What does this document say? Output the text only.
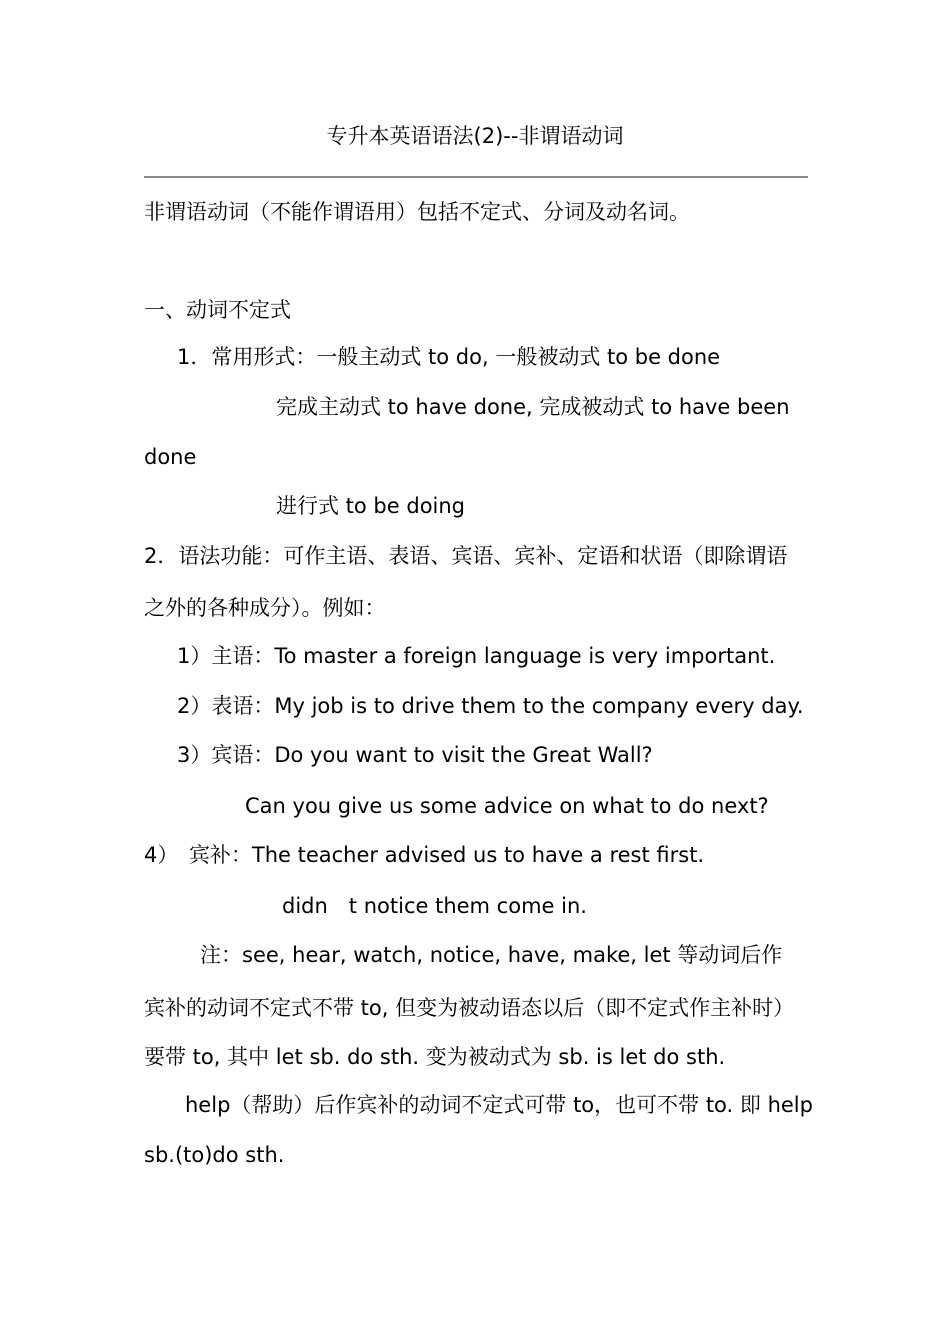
专升本英语语法(2)--非谓语动词
非谓语动词（不能作谓语用）包括不定式、分词及动名词。
一、动词不定式
1．常用形式：一般主动式 to do, 一般被动式 to be done
完成主动式 to have done, 完成被动式 to have been
done
进行式 to be doing
2．语法功能：可作主语、表语、宾语、宾补、定语和状语（即除谓语
之外的各种成分）。例如：
1）主语：To master a foreign language is very important.
2）表语：My job is to drive them to the company every day.
3）宾语：Do you want to visit the Great Wall?
Can you give us some advice on what to do next?
4）　宾补：The teacher advised us to have a rest first.
didn　t notice them come in.
注：see, hear, watch, notice, have, make, let 等动词后作
宾补的动词不定式不带 to, 但变为被动语态以后（即不定式作主补时）
要带 to, 其中 let sb. do sth. 变为被动式为 sb. is let do sth.
help（帮助）后作宾补的动词不定式可带 to，也可不带 to. 即 help
sb.(to)do sth.
